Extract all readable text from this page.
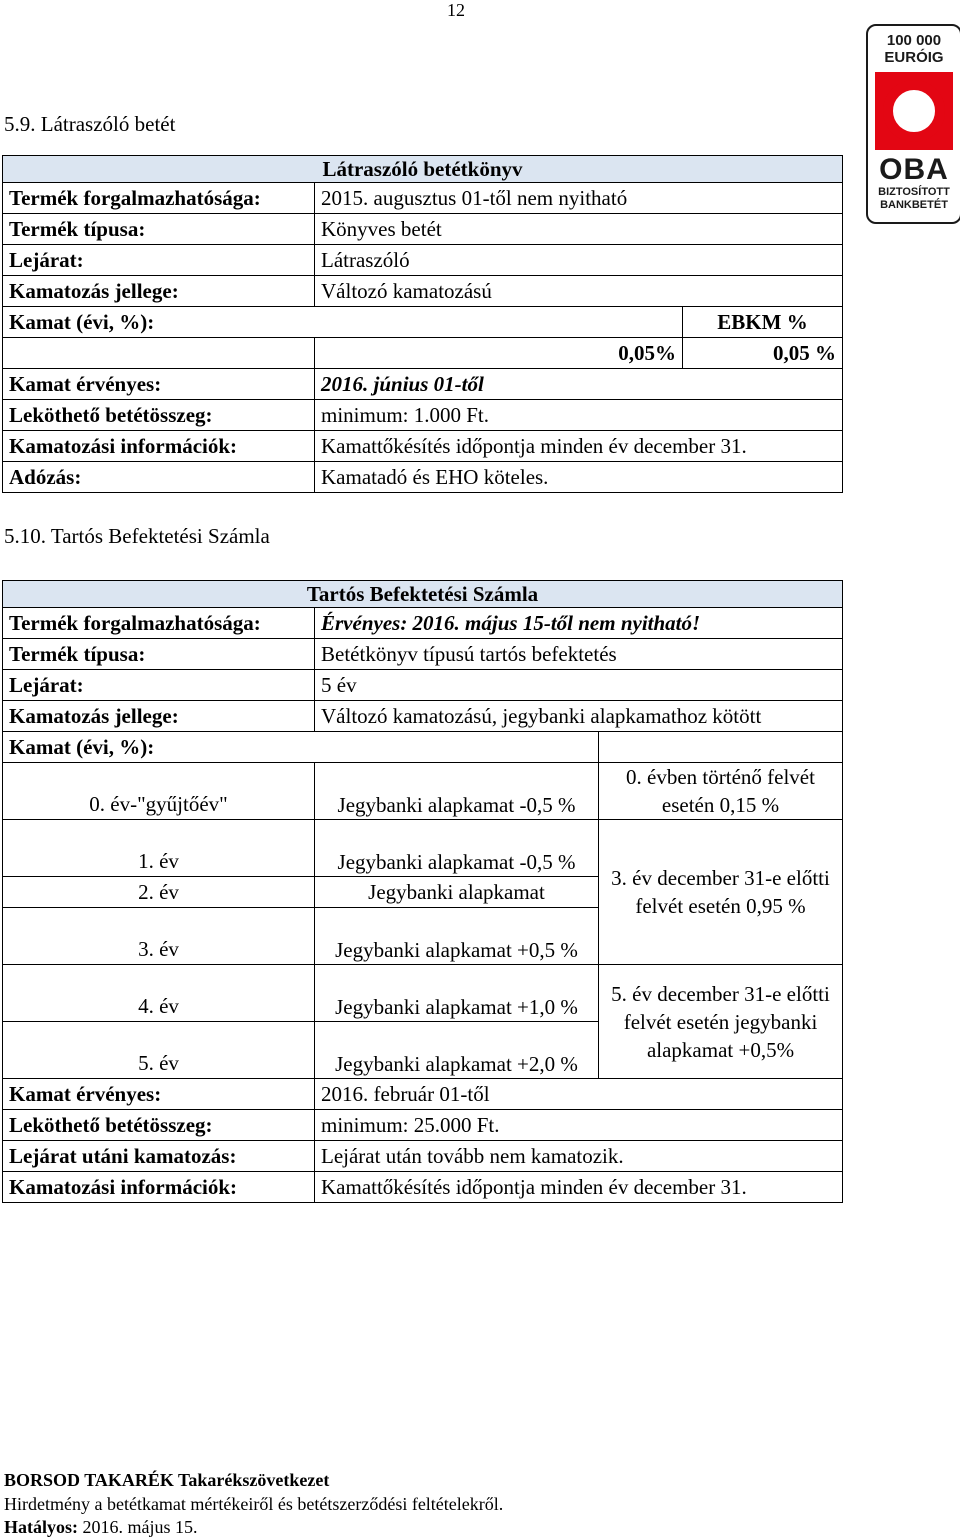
12
100 000
EURÓIG
OBA
BIZTOSÍTOTT
BANKBETÉT
5.9. Látraszóló betét
Látraszóló betétkönyv		
Termék forgalmazhatósága:	2015. augusztus 01-től nem nyitható	
Termék típusa:	Könyves betét	
Lejárat:	Látraszóló	
Kamatozás jellege:	Változó kamatozású	
Kamat (évi, %):		EBKM %
	0,05%	0,05 %
Kamat érvényes:	2016. június 01-től	
Leköthető betétösszeg:	minimum: 1.000 Ft.	
Kamatozási információk:	Kamattőkésítés időpontja minden év december 31.	
Adózás:	Kamatadó és EHO köteles.	
5.10. Tartós Befektetési Számla
Tartós Befektetési Számla		
Termék forgalmazhatósága:	Érvényes: 2016. május 15-től nem nyitható!	
Termék típusa:	Betétkönyv típusú tartós befektetés	
Lejárat:	5 év	
Kamatozás jellege:	Változó kamatozású, jegybanki alapkamathoz kötött	
Kamat (évi, %):		
0. év-"gyűjtőév"	Jegybanki alapkamat -0,5 %	0. évben történő felvét esetén 0,15 %
1. év	Jegybanki alapkamat -0,5 %	3. év december 31-e előtti felvét esetén 0,95 %
2. év	Jegybanki alapkamat	
3. év	Jegybanki alapkamat +0,5 %	
4. év	Jegybanki alapkamat +1,0 %	5. év december 31-e előtti felvét esetén jegybanki alapkamat +0,5%
5. év	Jegybanki alapkamat +2,0 %	
Kamat érvényes:	2016. február 01-től	
Leköthető betétösszeg:	minimum: 25.000 Ft.	
Lejárat utáni kamatozás:	Lejárat után tovább nem kamatozik.	
Kamatozási információk:	Kamattőkésítés időpontja minden év december 31.	
BORSOD TAKARÉK Takarékszövetkezet
Hirdetmény a betétkamat mértékeiről és betétszerződési feltételekről.
Hatályos: 2016. május 15.
